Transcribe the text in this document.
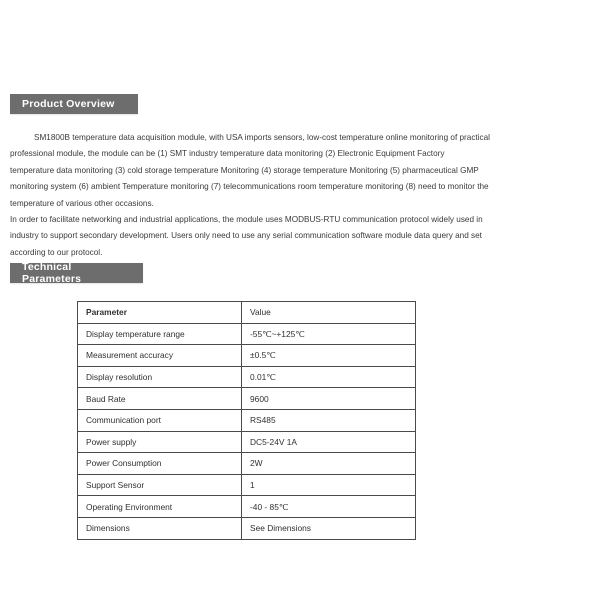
Product Overview

SM1800B temperature data acquisition module, with USA imports sensors, low-cost temperature online monitoring of practical professional module, the module can be (1) SMT industry temperature data monitoring (2) Electronic Equipment Factory temperature data monitoring (3) cold storage temperature Monitoring (4) storage temperature Monitoring (5) pharmaceutical GMP monitoring system (6) ambient Temperature monitoring (7) telecommunications room temperature monitoring (8) need to monitor the temperature of various other occasions.

In order to facilitate networking and industrial applications, the module uses MODBUS-RTU communication protocol widely used in industry to support secondary development. Users only need to use any serial communication software module data query and set according to our protocol.

Technical Parameters
Parameter	Value
Display temperature range	-55℃~+125℃
Measurement accuracy	±0.5℃
Display resolution	0.01℃
Baud Rate	9600
Communication port	RS485
Power supply	DC5-24V 1A
Power Consumption	2W
Support Sensor	1
Operating Environment	-40 - 85℃
Dimensions	See Dimensions
